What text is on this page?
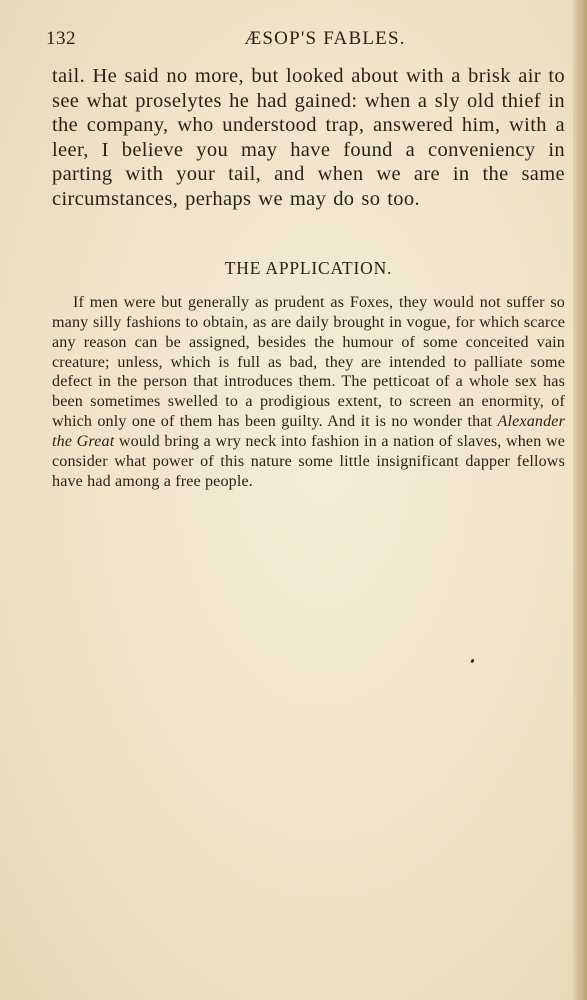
132	ÆSOP'S FABLES.

tail. He said no more, but looked about with a brisk air to see what proselytes he had gained: when a sly old thief in the company, who understood trap, answered him, with a leer, I believe you may have found a conveniency in parting with your tail, and when we are in the same circumstances, perhaps we may do so too.

THE APPLICATION.

If men were but generally as prudent as Foxes, they would not suffer so many silly fashions to obtain, as are daily brought in vogue, for which scarce any reason can be assigned, besides the humour of some conceited vain creature; unless, which is full as bad, they are intended to palliate some defect in the person that introduces them. The petticoat of a whole sex has been sometimes swelled to a prodigious extent, to screen an enormity, of which only one of them has been guilty. And it is no wonder that Alexander the Great would bring a wry neck into fashion in a nation of slaves, when we consider what power of this nature some little insignificant dapper fellows have had among a free people.
